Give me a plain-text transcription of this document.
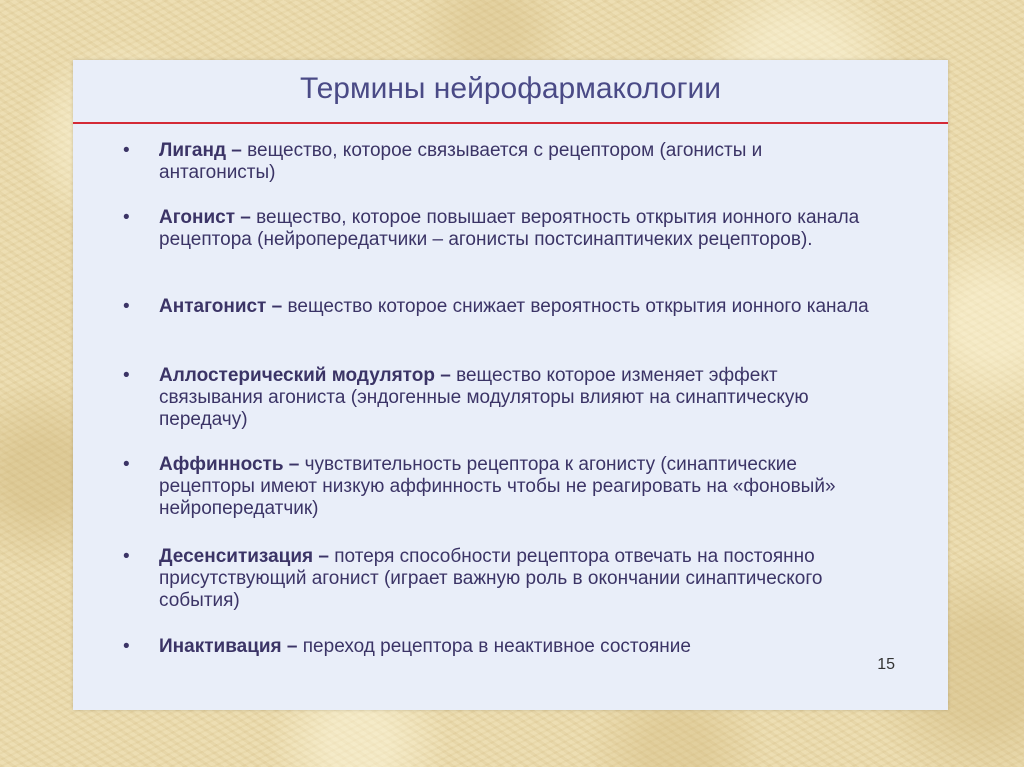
Термины нейрофармакологии
• Лиганд – вещество, которое связывается с рецептором (агонисты и антагонисты)
• Агонист – вещество, которое повышает вероятность открытия ионного канала рецептора (нейропередатчики – агонисты постсинаптичеких рецепторов).
• Антагонист – вещество которое снижает вероятность открытия ионного канала
• Аллостерический модулятор – вещество которое изменяет эффект связывания агониста (эндогенные модуляторы влияют на синаптическую передачу)
• Аффинность – чувствительность рецептора к агонисту (синаптические рецепторы имеют низкую аффинность чтобы не реагировать на «фоновый» нейропередатчик)
• Десенситизация – потеря способности рецептора отвечать на постоянно присутствующий агонист (играет важную роль в окончании синаптического события)
• Инактивация – переход рецептора в неактивное состояние
15
